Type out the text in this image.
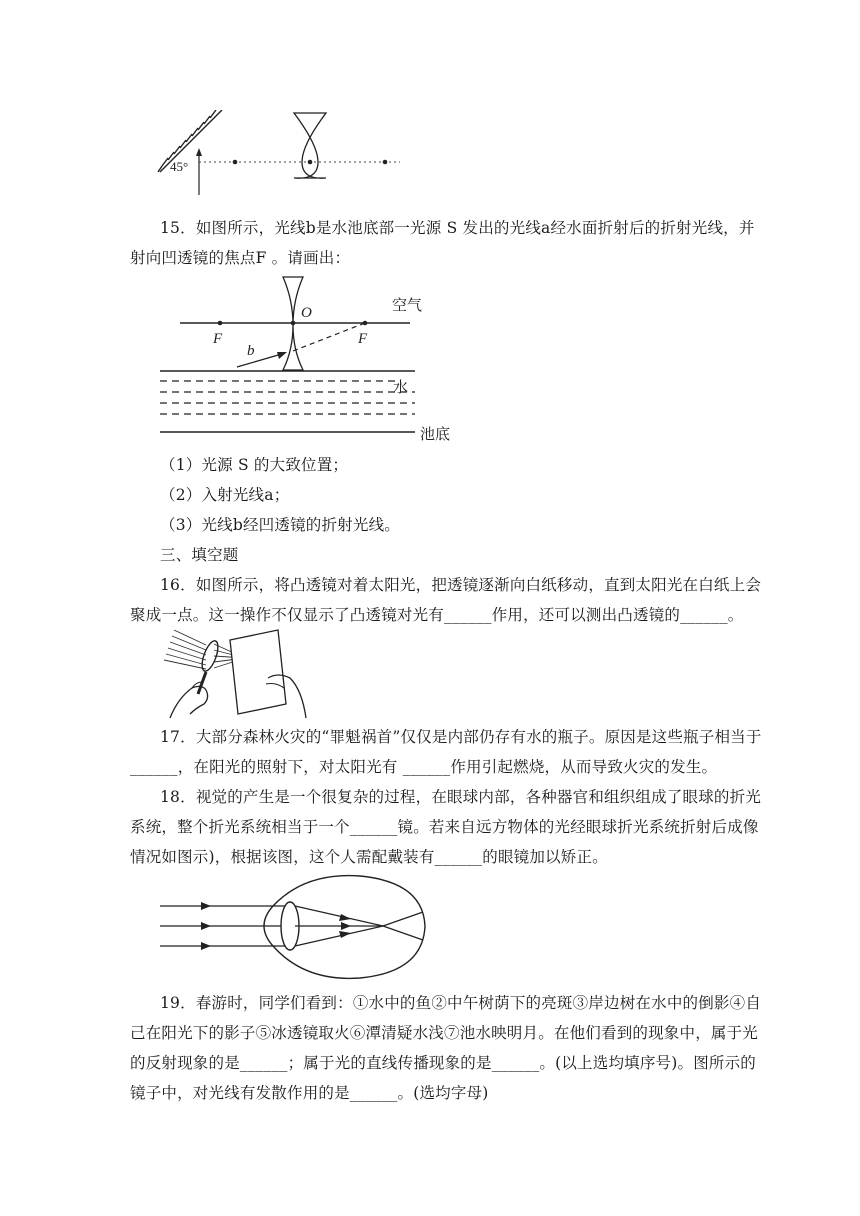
45°
15．如图所示，光线b是水池底部一光源 S 发出的光线a经水面折射后的折射光线，并
射向凹透镜的焦点F 。请画出：
O
F	F
空气
b
水
池底
（1）光源 S 的大致位置；
（2）入射光线a；
（3）光线b经凹透镜的折射光线。
三、填空题
16．如图所示，将凸透镜对着太阳光，把透镜逐渐向白纸移动，直到太阳光在白纸上会
聚成一点。这一操作不仅显示了凸透镜对光有______作用，还可以测出凸透镜的______。
17．大部分森林火灾的“罪魁祸首”仅仅是内部仍存有水的瓶子。原因是这些瓶子相当于
______，在阳光的照射下，对太阳光有 ______作用引起燃烧，从而导致火灾的发生。
18．视觉的产生是一个很复杂的过程，在眼球内部，各种器官和组织组成了眼球的折光
系统，整个折光系统相当于一个______镜。若来自远方物体的光经眼球折光系统折射后成像
情况如图示)，根据该图，这个人需配戴装有______的眼镜加以矫正。
19．春游时，同学们看到：①水中的鱼②中午树荫下的亮斑③岸边树在水中的倒影④自
己在阳光下的影子⑤冰透镜取火⑥潭清疑水浅⑦池水映明月。在他们看到的现象中，属于光
的反射现象的是______；属于光的直线传播现象的是______。(以上选均填序号)。图所示的
镜子中，对光线有发散作用的是______。(选均字母)
